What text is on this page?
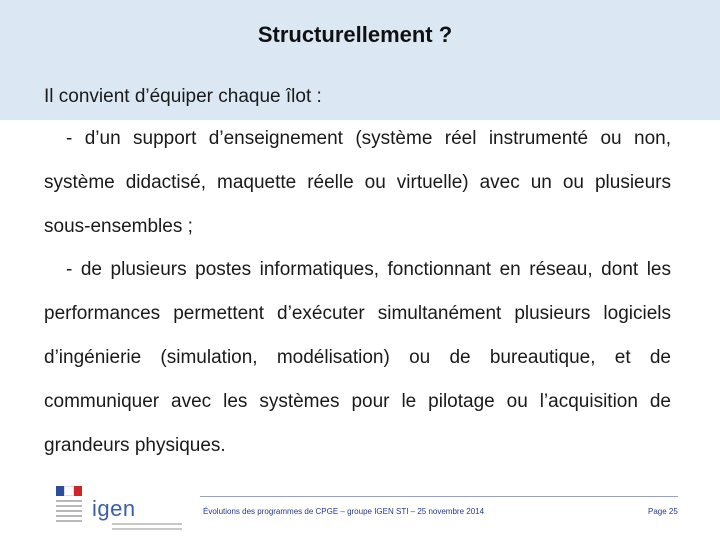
Structurellement ?
Il convient d’équiper chaque îlot :
- d’un support d’enseignement (système réel instrumenté ou non, système didactisé, maquette réelle ou virtuelle) avec un ou plusieurs sous-ensembles ;
- de plusieurs postes informatiques, fonctionnant en réseau, dont les performances permettent d’exécuter simultanément plusieurs logiciels d’ingénierie (simulation, modélisation) ou de bureautique, et de communiquer avec les systèmes pour le pilotage ou l’acquisition de grandeurs physiques.
igen	Évolutions des programmes de CPGE – groupe IGEN STI – 25 novembre 2014	Page 25
